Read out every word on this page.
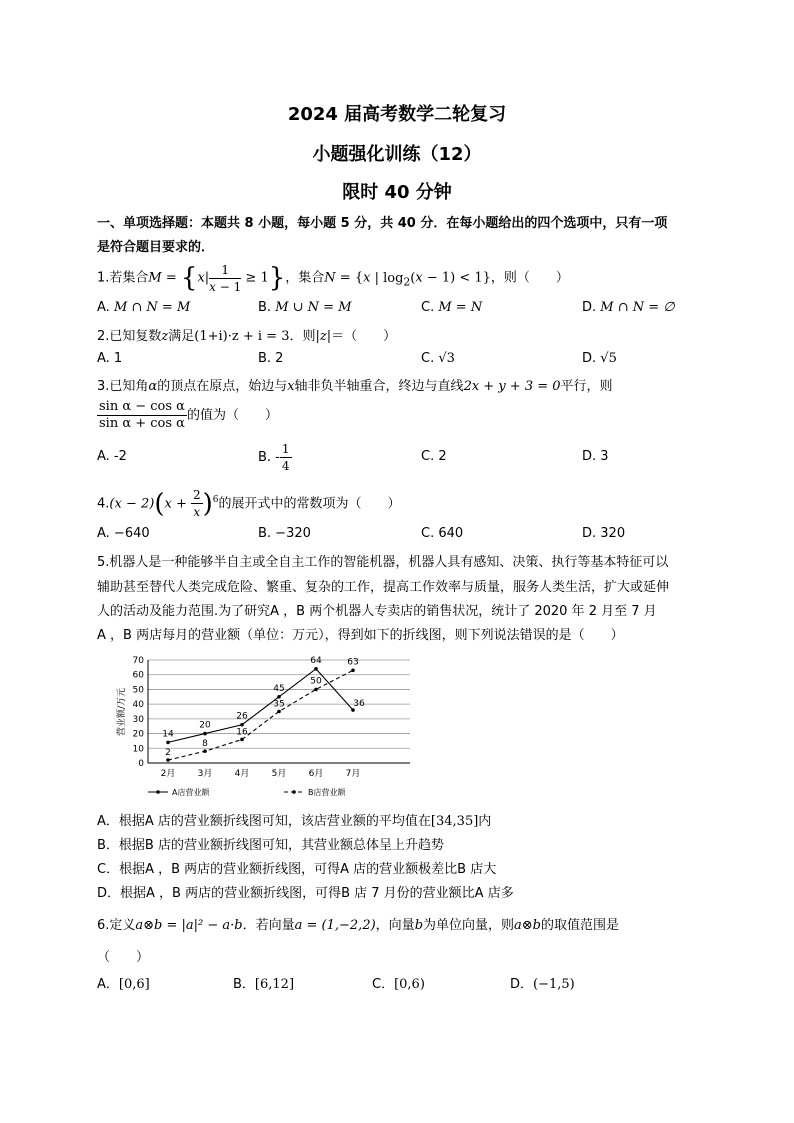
2024 届高考数学二轮复习
小题强化训练（12）
限时 40 分钟
一、单项选择题：本题共 8 小题，每小题 5 分，共 40 分．在每小题给出的四个选项中，只有一项
是符合题目要求的．
1.若集合$M = \{x| \frac{1}{x - 1} \ge 1\}$，集合N = {x | $\log_2(x - 1) < 1$}，则（　　）
A. M ∩ N = M	B. M ∪ N = M	C. M = N	D. M ∩ N = ∅
2.已知复数z满足(1+i)·z + i = 3．则|z|＝（　　）
A. 1	B. 2	C. √3	D. √5
3.已知角α的顶点在原点，始边与x轴非负半轴重合，终边与直线2x + y + 3 = 0平行，则
$\frac{\text{sin α − cos α}}{\text{sin α + cos α}}$ 的值为（　　）
A. -2	B. - $\frac{1}{4}$	C. 2	D. 3
$4.(x - 2)(x + \frac{2}{x} )^6$的展开式中的常数项为（　　）
A. −640	B. −320	C. 640	D. 320
5.机器人是一种能够半自主或全自主工作的智能机器，机器人具有感知、决策、执行等基本特征可以
辅助甚至替代人类完成危险、繁重、复杂的工作，提高工作效率与质量，服务人类生活，扩大或延伸
人的活动及能力范围.为了研究A ，B 两个机器人专卖店的销售状况，统计了 2020 年 2 月至 7 月
A ，B 两店每月的营业额（单位：万元），得到如下的折线图，则下列说法错误的是（　　）
0
10
20
30
40
50
60
70
营业额/万元
2月 3月 4月 5月 6月 7月
14
20
26
45
64
36
2
8
16
35
50
63
A店营业额	B店营业额
A．根据A 店的营业额折线图可知，该店营业额的平均值在[34,35]内
B．根据B 店的营业额折线图可知，其营业额总体呈上升趋势
C．根据A ，B 两店的营业额折线图，可得A 店的营业额极差比B 店大
D．根据A ，B 两店的营业额折线图，可得B 店 7 月份的营业额比A 店多
6.定义a⊗b = |a|² − a·b．若向量a = (1,−2,2)，向量b为单位向量，则a⊗b的取值范围是
（　　）
A．[0,6]	B．[6,12]	C．[0,6)	D．(−1,5)
